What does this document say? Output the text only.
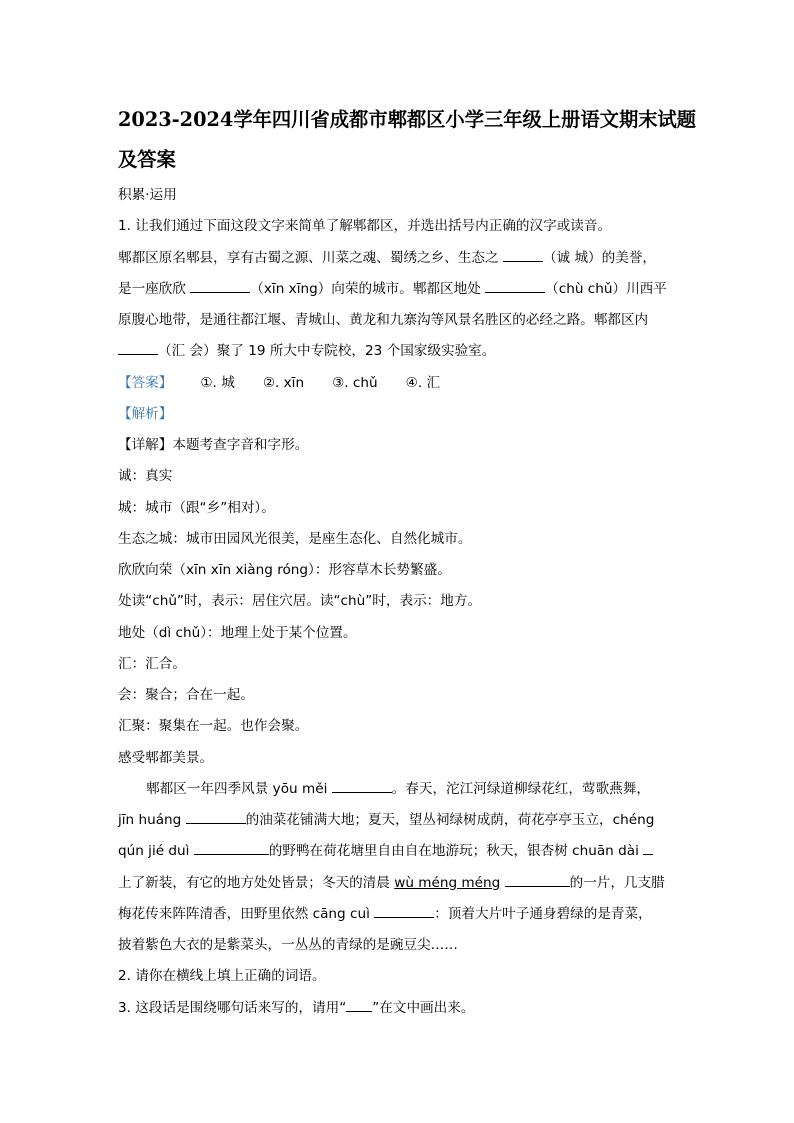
2023-2024学年四川省成都市郫都区小学三年级上册语文期末试题及答案

积累·运用

1. 让我们通过下面这段文字来简单了解郫都区，并选出括号内正确的汉字或读音。

郫都区原名郫县，享有古蜀之源、川菜之魂、蜀绣之乡、生态之	（诚 城）的美誉，

是一座欣欣	（xīn xīng）向荣的城市。郫都区地处	（chù chǔ）川西平

原腹心地带，是通往都江堰、青城山、黄龙和九寨沟等风景名胜区的必经之路。郫都区内

（汇 会）聚了 19 所大中专院校，23 个国家级实验室。

【答案】 ①. 城 ②. xīn ③. chǔ ④. 汇

【解析】

【详解】本题考查字音和字形。

诚：真实

城：城市（跟“乡”相对）。

生态之城：城市田园风光很美，是座生态化、自然化城市。

欣欣向荣（xīn xīn xiàng róng）：形容草木长势繁盛。

处读“chǔ”时，表示：居住穴居。读“chù”时，表示：地方。

地处（dì chǔ）：地理上处于某个位置。

汇：汇合。

会：聚合；合在一起。

汇聚：聚集在一起。也作会聚。

感受郫都美景。

郫都区一年四季风景 yōu měi	。春天，沱江河绿道柳绿花红，莺歌燕舞，

jīn huáng	的油菜花铺满大地；夏天，望丛祠绿树成荫，荷花亭亭玉立，chéng

qún jié duì	的野鸭在荷花塘里自由自在地游玩；秋天，银杏树 chuān dài

上了新装，有它的地方处处皆景；冬天的清晨 wù méng méng	的一片，几支腊

梅花传来阵阵清香，田野里依然 cāng cuì	：顶着大片叶子通身碧绿的是青菜，

披着紫色大衣的是紫菜头，一丛丛的青绿的是豌豆尖……

2. 请你在横线上填上正确的词语。

3. 这段话是围绕哪句话来写的，请用“ ”在文中画出来。
